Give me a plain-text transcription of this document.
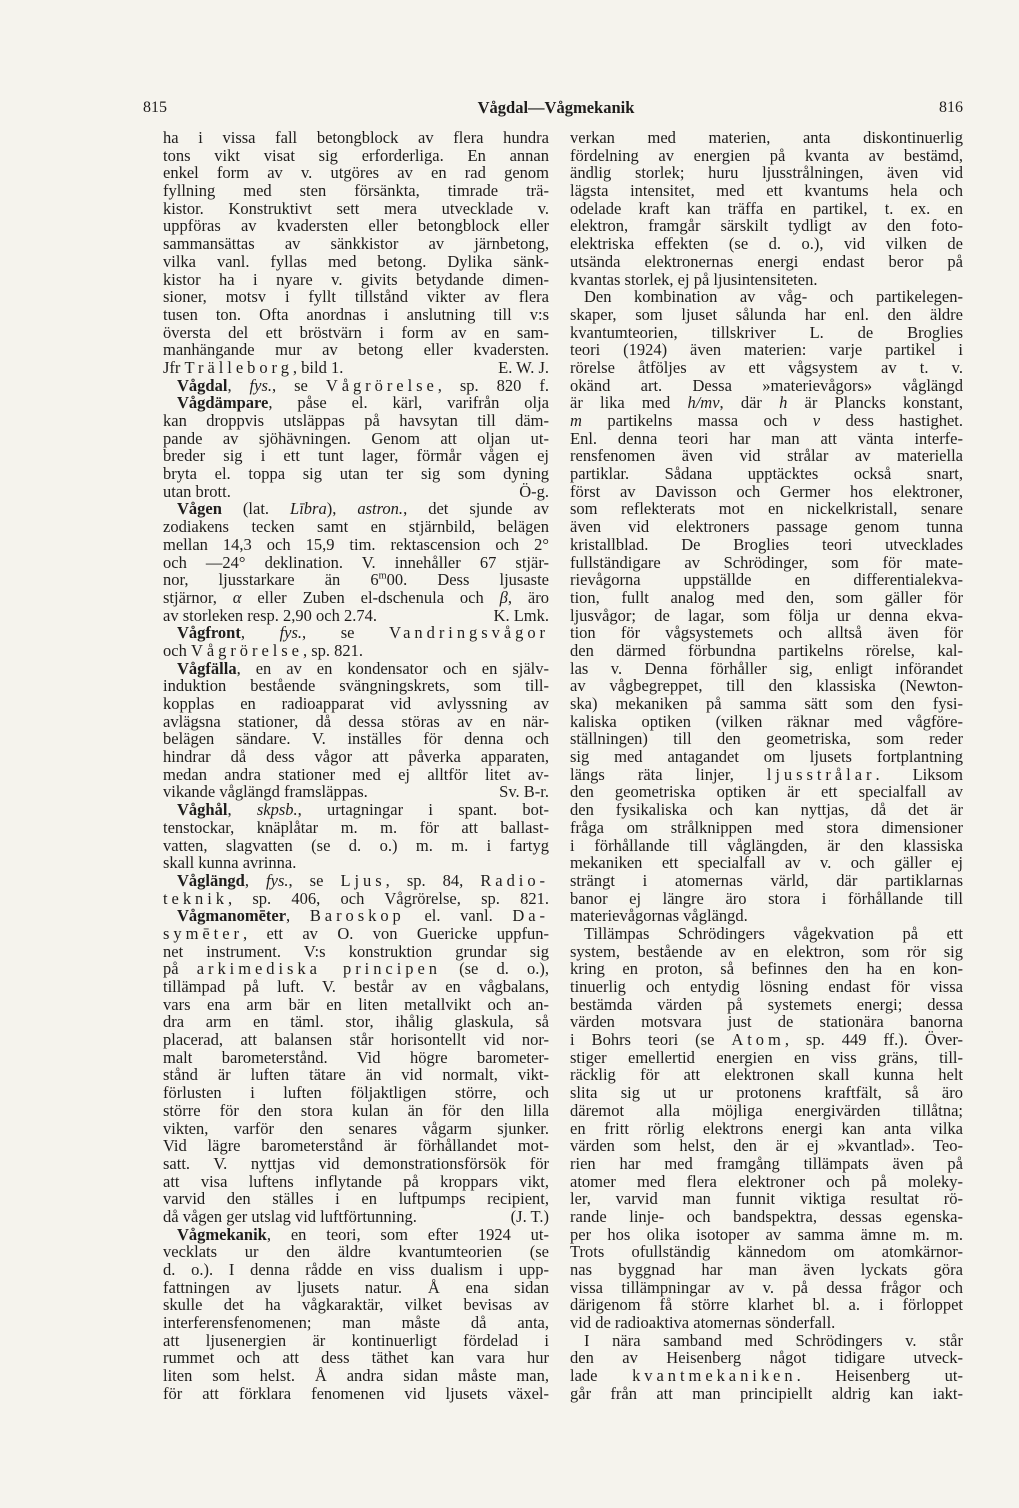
815	Vågdal—Vågmekanik	816
ha i vissa fall betongblock av flera hundra
tons vikt visat sig erforderliga. En annan
enkel form av v. utgöres av en rad genom
fyllning med sten försänkta, timrade trä-
kistor. Konstruktivt sett mera utvecklade v.
uppföras av kvadersten eller betongblock eller
sammansättas av sänkkistor av järnbetong,
vilka vanl. fyllas med betong. Dylika sänk-
kistor ha i nyare v. givits betydande dimen-
sioner, motsv i fyllt tillstånd vikter av flera
tusen ton. Ofta anordnas i anslutning till v:s
översta del ett bröstvärn i form av en sam-
manhängande mur av betong eller kvadersten.
Jfr Trälleborg, bild 1.	E. W. J.
Vågdal, fys., se Vågrörelse, sp. 820 f.
Vågdämpare, påse el. kärl, varifrån olja
kan droppvis utsläppas på havsytan till däm-
pande av sjöhävningen. Genom att oljan ut-
breder sig i ett tunt lager, förmår vågen ej
bryta el. toppa sig utan ter sig som dyning
utan brott.	Ö-g.
Vågen (lat. Lībra), astron., det sjunde av
zodiakens tecken samt en stjärnbild, belägen
mellan 14,3 och 15,9 tim. rektascension och 2°
och —24° deklination. V. innehåller 67 stjär-
nor, ljusstarkare än 6$^m$00. Dess ljusaste
stjärnor, α eller Zuben el-dschenula och β, äro
av storleken resp. 2,90 och 2.74.	K. Lmk.
Vågfront, fys., se Vandringsvågor
och Vågrörelse, sp. 821.
Vågfälla, en av en kondensator och en själv-
induktion bestående svängningskrets, som till-
kopplas en radioapparat vid avlyssning av
avlägsna stationer, då dessa störas av en när-
belägen sändare. V. inställes för denna och
hindrar då dess vågor att påverka apparaten,
medan andra stationer med ej alltför litet av-
vikande våglängd framsläppas.	Sv. B-r.
Våghål, skpsb., urtagningar i spant. bot-
tenstockar, knäplåtar m. m. för att ballast-
vatten, slagvatten (se d. o.) m. m. i fartyg
skall kunna avrinna.
Våglängd, fys., se Ljus, sp. 84, Radio-
teknik, sp. 406, och Vågrörelse, sp. 821.
Vågmanomēter, Baroskop el. vanl. Da-
symēter, ett av O. von Guericke uppfun-
net instrument. V:s konstruktion grundar sig
på arkimediska principen (se d. o.),
tillämpad på luft. V. består av en vågbalans,
vars ena arm bär en liten metallvikt och an-
dra arm en täml. stor, ihålig glaskula, så
placerad, att balansen står horisontellt vid nor-
malt barometerstånd. Vid högre barometer-
stånd är luften tätare än vid normalt, vikt-
förlusten i luften följaktligen större, och
större för den stora kulan än för den lilla
vikten, varför den senares vågarm sjunker.
Vid lägre barometerstånd är förhållandet mot-
satt. V. nyttjas vid demonstrationsförsök för
att visa luftens inflytande på kroppars vikt,
varvid den ställes i en luftpumps recipient,
då vågen ger utslag vid luftförtunning.	(J. T.)
Vågmekanik, en teori, som efter 1924 ut-
vecklats ur den äldre kvantumteorien (se
d. o.). I denna rådde en viss dualism i upp-
fattningen av ljusets natur. Å ena sidan
skulle det ha vågkaraktär, vilket bevisas av
interferensfenomenen; man måste då anta,
att ljusenergien är kontinuerligt fördelad i
rummet och att dess täthet kan vara hur
liten som helst. Å andra sidan måste man,
för att förklara fenomenen vid ljusets växel-
verkan med materien, anta diskontinuerlig
fördelning av energien på kvanta av bestämd,
ändlig storlek; huru ljusstrålningen, även vid
lägsta intensitet, med ett kvantums hela och
odelade kraft kan träffa en partikel, t. ex. en
elektron, framgår särskilt tydligt av den foto-
elektriska effekten (se d. o.), vid vilken de
utsända elektronernas energi endast beror på
kvantas storlek, ej på ljusintensiteten.
Den kombination av våg- och partikelegen-
skaper, som ljuset sålunda har enl. den äldre
kvantumteorien, tillskriver L. de Broglies
teori (1924) även materien: varje partikel i
rörelse åtföljes av ett vågsystem av t. v.
okänd art. Dessa »materievågors» våglängd
är lika med h/mv, där h är Plancks konstant,
m partikelns massa och v dess hastighet.
Enl. denna teori har man att vänta interfe-
rensfenomen även vid strålar av materiella
partiklar. Sådana upptäcktes också snart,
först av Davisson och Germer hos elektroner,
som reflekterats mot en nickelkristall, senare
även vid elektroners passage genom tunna
kristallblad. De Broglies teori utvecklades
fullständigare av Schrödinger, som för mate-
rievågorna uppställde en differentialekva-
tion, fullt analog med den, som gäller för
ljusvågor; de lagar, som följa ur denna ekva-
tion för vågsystemets och alltså även för
den därmed förbundna partikelns rörelse, kal-
las v. Denna förhåller sig, enligt införandet
av vågbegreppet, till den klassiska (Newton-
ska) mekaniken på samma sätt som den fysi-
kaliska optiken (vilken räknar med vågföre-
ställningen) till den geometriska, som reder
sig med antagandet om ljusets fortplantning
längs räta linjer, ljusstrålar. Liksom
den geometriska optiken är ett specialfall av
den fysikaliska och kan nyttjas, då det är
fråga om strålknippen med stora dimensioner
i förhållande till våglängden, är den klassiska
mekaniken ett specialfall av v. och gäller ej
strängt i atomernas värld, där partiklarnas
banor ej längre äro stora i förhållande till
materievågornas våglängd.
Tillämpas Schrödingers vågekvation på ett
system, bestående av en elektron, som rör sig
kring en proton, så befinnes den ha en kon-
tinuerlig och entydig lösning endast för vissa
bestämda värden på systemets energi; dessa
värden motsvara just de stationära banorna
i Bohrs teori (se Atom, sp. 449 ff.). Över-
stiger emellertid energien en viss gräns, till-
räcklig för att elektronen skall kunna helt
slita sig ut ur protonens kraftfält, så äro
däremot alla möjliga energivärden tillåtna;
en fritt rörlig elektrons energi kan anta vilka
värden som helst, den är ej »kvantlad». Teo-
rien har med framgång tillämpats även på
atomer med flera elektroner och på moleky-
ler, varvid man funnit viktiga resultat rö-
rande linje- och bandspektra, dessas egenska-
per hos olika isotoper av samma ämne m. m.
Trots ofullständig kännedom om atomkärnor-
nas byggnad har man även lyckats göra
vissa tillämpningar av v. på dessa frågor och
därigenom få större klarhet bl. a. i förloppet
vid de radioaktiva atomernas sönderfall.
I nära samband med Schrödingers v. står
den av Heisenberg något tidigare utveck-
lade kvantmekaniken. Heisenberg ut-
går från att man principiellt aldrig kan iakt-
